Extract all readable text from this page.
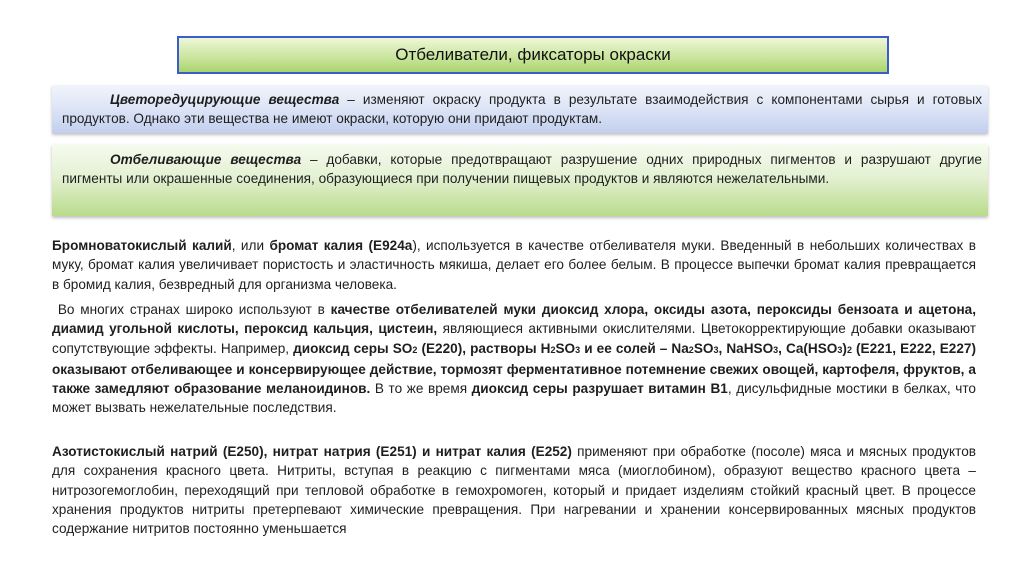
Отбеливатели, фиксаторы окраски
Цветоредуцирующие вещества – изменяют окраску продукта в результате взаимодействия с компонентами сырья и готовых продуктов. Однако эти вещества не имеют окраски, которую они придают продуктам.
Отбеливающие вещества – добавки, которые предотвращают разрушение одних природных пигментов и разрушают другие пигменты или окрашенные соединения, образующиеся при получении пищевых продуктов и являются нежелательными.
Бромноватокислый калий, или бромат калия (Е924а), используется в качестве отбеливателя муки. Введенный в небольших количествах в муку, бромат калия увеличивает пористость и эластичность мякиша, делает его более белым. В процессе выпечки бромат калия превращается в бромид калия, безвредный для организма человека.
Во многих странах широко используют в качестве отбеливателей муки диоксид хлора, оксиды азота, пероксиды бензоата и ацетона, диамид угольной кислоты, пероксид кальция, цистеин, являющиеся активными окислителями. Цветокорректирующие добавки оказывают сопутствующие эффекты. Например, диоксид серы SO2 (Е220), растворы H2SO3 и ее солей – Na2SO3, NaHSO3, Ca(HSO3)2 (Е221, Е222, Е227) оказывают отбеливающее и консервирующее действие, тормозят ферментативное потемнение свежих овощей, картофеля, фруктов, а также замедляют образование меланоидинов. В то же время диоксид серы разрушает витамин В1, дисульфидные мостики в белках, что может вызвать нежелательные последствия.
Азотистокислый натрий (Е250), нитрат натрия (Е251) и нитрат калия (Е252) применяют при обработке (посоле) мяса и мясных продуктов для сохранения красного цвета. Нитриты, вступая в реакцию с пигментами мяса (миоглобином), образуют вещество красного цвета – нитрозогемоглобин, переходящий при тепловой обработке в гемохромоген, который и придает изделиям стойкий красный цвет. В процессе хранения продуктов нитриты претерпевают химические превращения. При нагревании и хранении консервированных мясных продуктов содержание нитритов постоянно уменьшается
